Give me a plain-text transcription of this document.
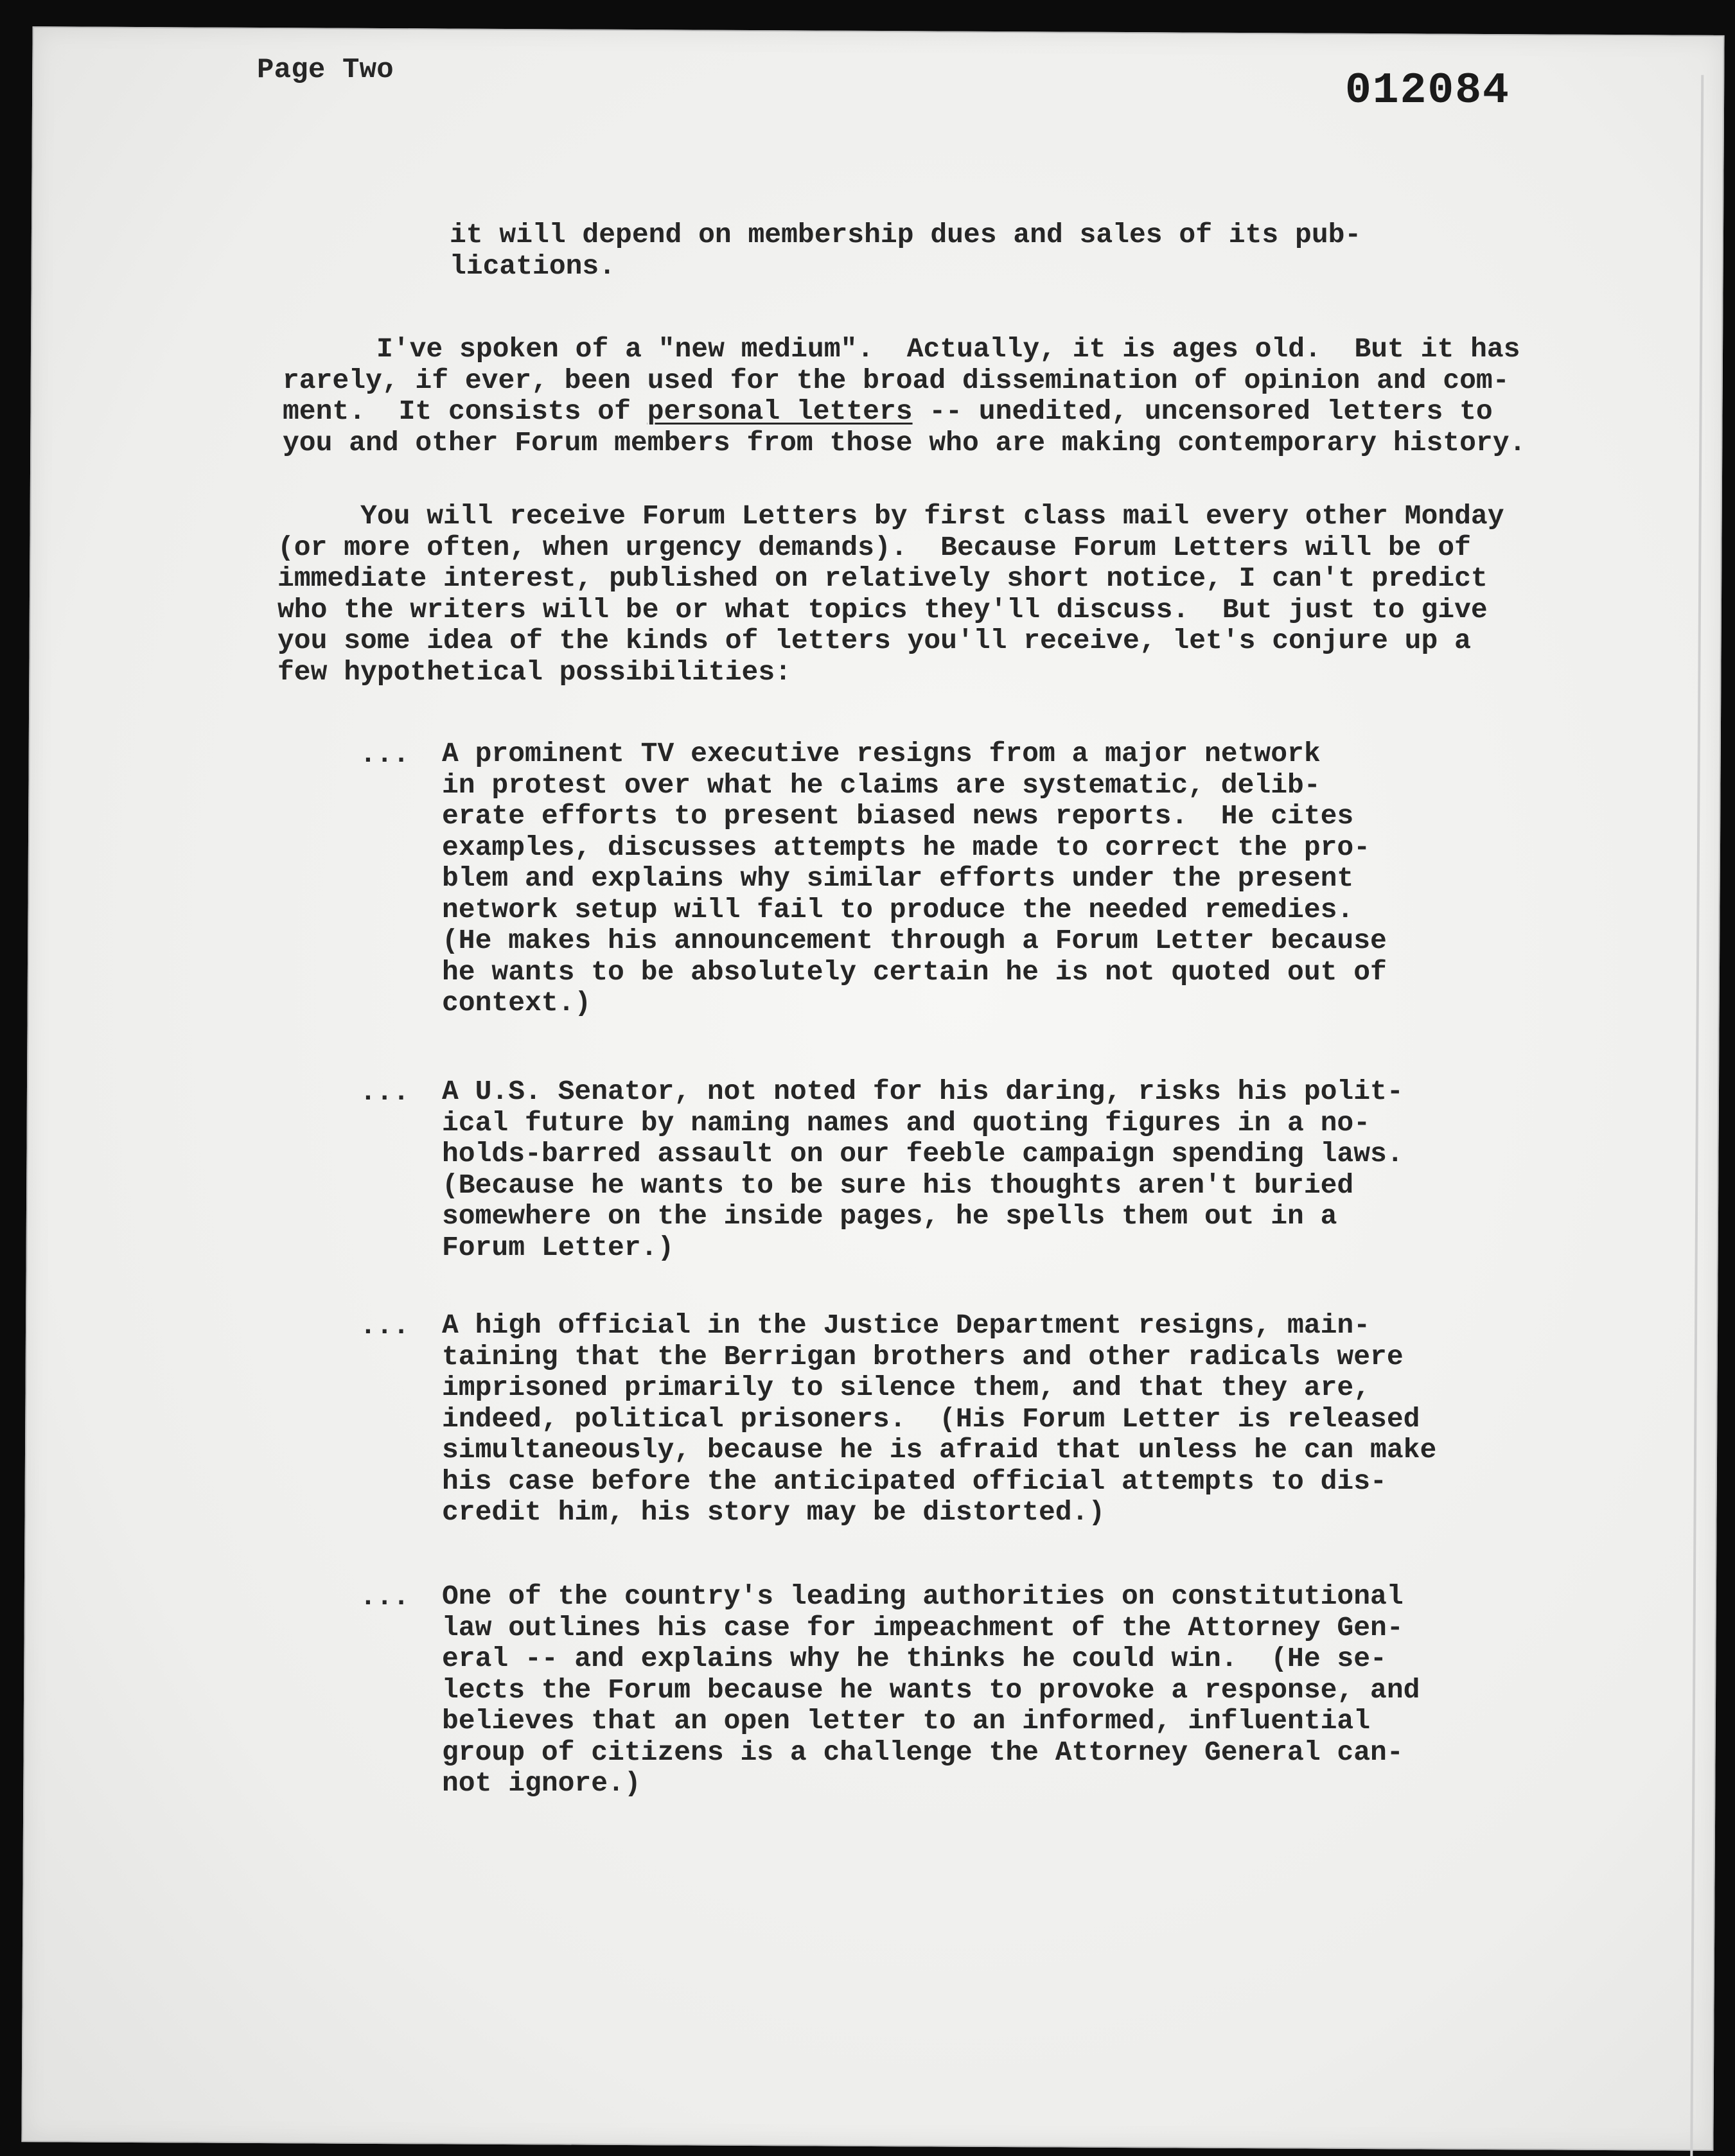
Page Two	012084
it will depend on membership dues and sales of its pub-
lications.
I've spoken of a "new medium".  Actually, it is ages old.  But it has
rarely, if ever, been used for the broad dissemination of opinion and com-
ment.  It consists of personal letters -- unedited, uncensored letters to
you and other Forum members from those who are making contemporary history.
You will receive Forum Letters by first class mail every other Monday
(or more often, when urgency demands).  Because Forum Letters will be of
immediate interest, published on relatively short notice, I can't predict
who the writers will be or what topics they'll discuss.  But just to give
you some idea of the kinds of letters you'll receive, let's conjure up a
few hypothetical possibilities:
... A prominent TV executive resigns from a major network
in protest over what he claims are systematic, delib-
erate efforts to present biased news reports.  He cites
examples, discusses attempts he made to correct the pro-
blem and explains why similar efforts under the present
network setup will fail to produce the needed remedies.
(He makes his announcement through a Forum Letter because
he wants to be absolutely certain he is not quoted out of
context.)
... A U.S. Senator, not noted for his daring, risks his polit-
ical future by naming names and quoting figures in a no-
holds-barred assault on our feeble campaign spending laws.
(Because he wants to be sure his thoughts aren't buried
somewhere on the inside pages, he spells them out in a
Forum Letter.)
... A high official in the Justice Department resigns, main-
taining that the Berrigan brothers and other radicals were
imprisoned primarily to silence them, and that they are,
indeed, political prisoners.  (His Forum Letter is released
simultaneously, because he is afraid that unless he can make
his case before the anticipated official attempts to dis-
credit him, his story may be distorted.)
... One of the country's leading authorities on constitutional
law outlines his case for impeachment of the Attorney Gen-
eral -- and explains why he thinks he could win.  (He se-
lects the Forum because he wants to provoke a response, and
believes that an open letter to an informed, influential
group of citizens is a challenge the Attorney General can-
not ignore.)
